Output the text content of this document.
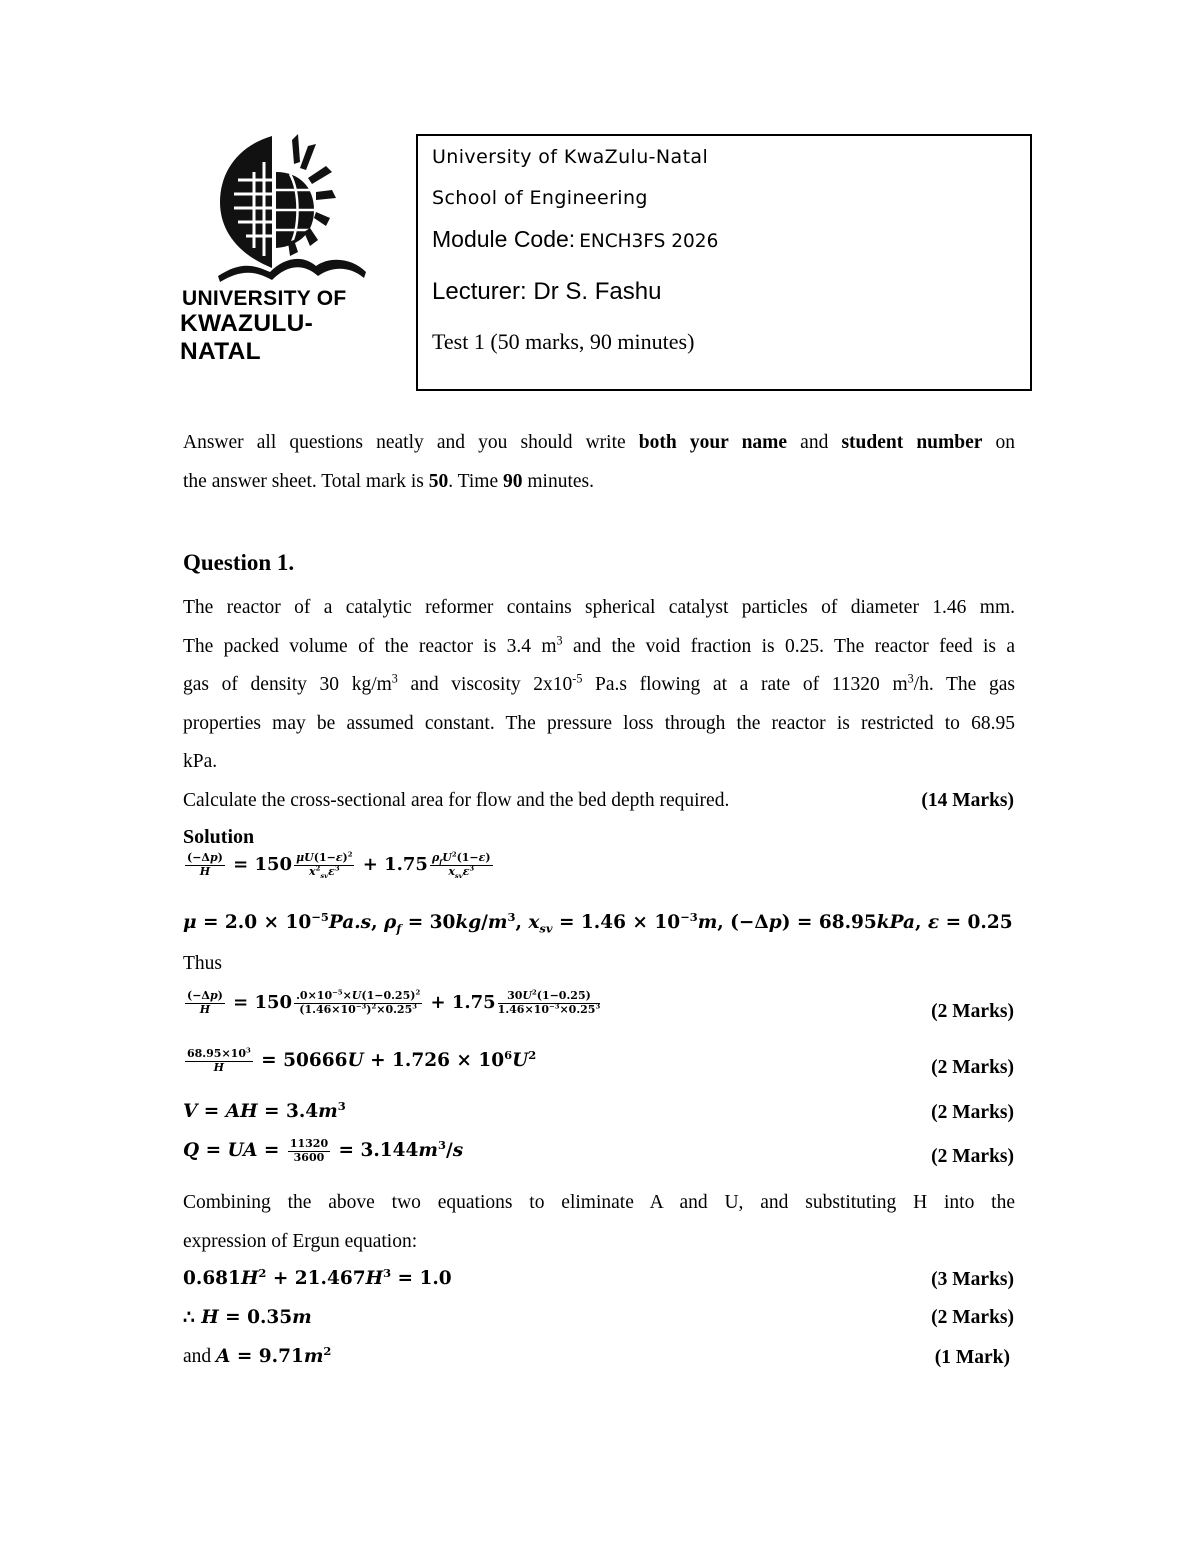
UNIVERSITY OF
KWAZULU-NATAL
University of KwaZulu-Natal
School of Engineering
Module Code: ENCH3FS 2026
Lecturer: Dr S. Fashu
Test 1 (50 marks, 90 minutes)
Answer all questions neatly and you should write both your name and student number on
the answer sheet. Total mark is 50. Time 90 minutes.
Question 1.
The reactor of a catalytic reformer contains spherical catalyst particles of diameter 1.46 mm.
The packed volume of the reactor is 3.4 $m^3$ and the void fraction is 0.25. The reactor feed is a
gas of density 30 $kg/m^3$ and viscosity $2x10^{-5}$ Pa.s flowing at a rate of 11320 $m^3/h$. The gas
properties may be assumed constant. The pressure loss through the reactor is restricted to 68.95
kPa.
Calculate the cross-sectional area for flow and the bed depth required.	(14 Marks)
Solution
$\frac{(-\Delta p)}{H} = 150 \frac{\mu U(1-\varepsilon)^2}{x^2_{sv}\varepsilon^3} + 1.75 \frac{\rho_fU^2(1-\varepsilon)}{x_{sv}\varepsilon^3}$
$\mu = 2.0 \times 10^{-5}Pa.s$, $\rho_f = 30kg/m^3$, $x_{sv} = 1.46 \times 10^{-3}m$, (−Δp) = 68.95kPa, ε = 0.25
Thus
$\frac{(-\Delta p)}{H} = 150 \frac{.0\times 10^{-5}\times U(1-0.25)^2}{(1.46\times 10^{-3})^2\times 0.25^3} + 1.75 \frac{30U^2(1-0.25)}{1.46\times 10^{-3}\times 0.25^3}$	(2 Marks)
$\frac{68.95\times 10^3}{H} = 50666U + 1.726 \times 10^6U^2$
(2 Marks)
V = AH = $3.4m^3$	(2 Marks)
Q = UA = $\frac{11320}{3600} = 3.144m^3/s$	(2 Marks)
Combining the above two equations to eliminate A and U, and substituting H into the
expression of Ergun equation:
$0.681H^2 + 21.467H^3 = 1.0$	(3 Marks)
∴ H = 0.35m	(2 Marks)
and $A = 9.71m^2$	(1 Mark)
